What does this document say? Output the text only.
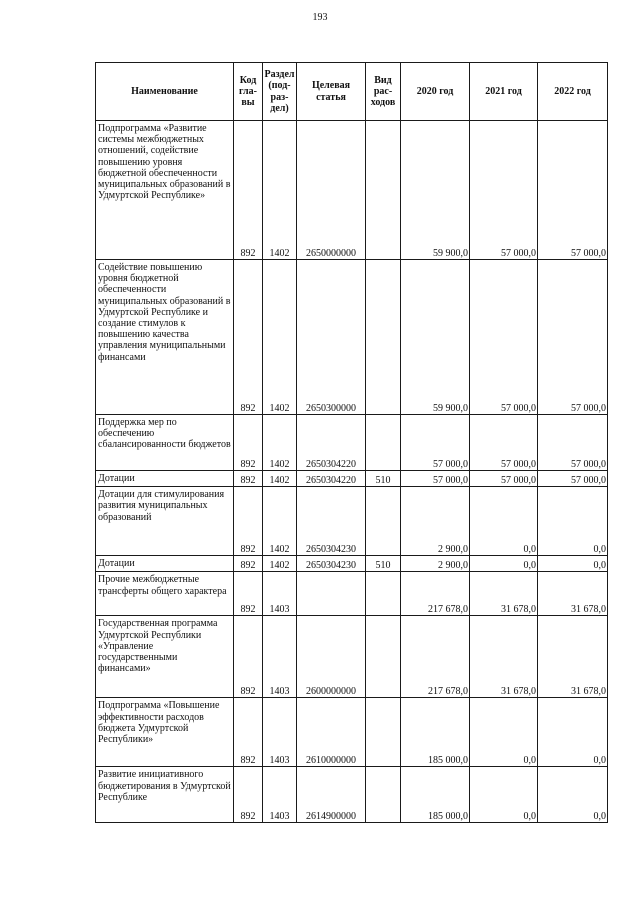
193
Наименование	Код гла- вы	Раздел (под- раз- дел)	Целевая статья	Вид рас- ходов	2020 год	2021 год	2022 год
Подпрограмма «Развитие системы межбюджетных отношений, содействие повышению уровня бюджетной обеспеченности муниципальных образований в Удмуртской Республике»	892	1402	2650000000		59 900,0	57 000,0	57 000,0
Содействие повышению уровня бюджетной обеспеченности муниципальных образований в Удмуртской Республике и создание стимулов к повышению качества управления муниципальными финансами	892	1402	2650300000		59 900,0	57 000,0	57 000,0
Поддержка мер по обеспечению сбалансированности бюджетов	892	1402	2650304220		57 000,0	57 000,0	57 000,0
Дотации	892	1402	2650304220	510	57 000,0	57 000,0	57 000,0
Дотации для стимулирования развития муниципальных образований	892	1402	2650304230		2 900,0	0,0	0,0
Дотации	892	1402	2650304230	510	2 900,0	0,0	0,0
Прочие межбюджетные трансферты общего характера	892	1403			217 678,0	31 678,0	31 678,0
Государственная программа Удмуртской Республики «Управление государственными финансами»	892	1403	2600000000		217 678,0	31 678,0	31 678,0
Подпрограмма «Повышение эффективности расходов бюджета Удмуртской Республики»	892	1403	2610000000		185 000,0	0,0	0,0
Развитие инициативного бюджетирования в Удмуртской Республике	892	1403	2614900000		185 000,0	0,0	0,0
